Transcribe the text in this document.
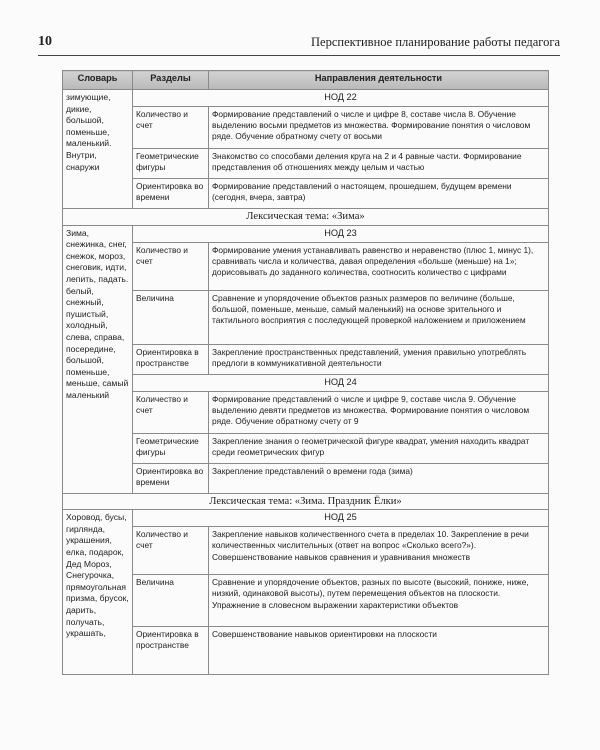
10	Перспективное планирование работы педагога
Словарь	Разделы	Направления деятельности
зимующие, дикие, большой, поменьше, маленький. Внутри, снаружи	НОД 22	
	Количество и счет	Формирование представлений о числе и цифре 8, составе числа 8. Обучение выделению восьми предметов из множества. Формирование понятия о числовом ряде. Обучение обратному счету от восьми
	Геометрические фигуры	Знакомство со способами деления круга на 2 и 4 равные части. Формирование представления об отношениях между целым и частью
	Ориентировка во времени	Формирование представлений о настоящем, прошедшем, будущем времени (сегодня, вчера, завтра)
Лексическая тема: «Зима»		
Зима, снежинка, снег, снежок, мороз, снеговик, идти, лепить, падать. белый, снежный, пушистый, холодный, слева, справа, посередине, большой, поменьше, меньше, самый маленький	НОД 23	
	Количество и счет	Формирование умения устанавливать равенство и неравенство (плюс 1, минус 1), сравнивать числа и количества, давая определения «больше (меньше) на 1»; дорисовывать до заданного количества, соотносить количество с цифрами
	Величина	Сравнение и упорядочение объектов разных размеров по величине (больше, большой, поменьше, меньше, самый маленький) на основе зрительного и тактильного восприятия с последующей проверкой наложением и приложением
	Ориентировка в пространстве	Закрепление пространственных представлений, умения правильно употреблять предлоги в коммуникативной деятельности
	НОД 24	
	Количество и счет	Формирование представлений о числе и цифре 9, составе числа 9. Обучение выделению девяти предметов из множества. Формирование понятия о числовом ряде. Обучение обратному счету от 9
	Геометрические фигуры	Закрепление знания о геометрической фигуре квадрат, умения находить квадрат среди геометрических фигур
	Ориентировка во времени	Закрепление представлений о времени года (зима)
Лексическая тема: «Зима. Праздник Ёлки»		
Хоровод, бусы, гирлянда, украшения, елка, подарок, Дед Мороз, Снегурочка, прямоугольная призма, брусок, дарить, получать, украшать,	НОД 25	
	Количество и счет	Закрепление навыков количественного счета в пределах 10. Закрепление в речи количественных числительных (ответ на вопрос «Сколько всего?»). Совершенствование навыков сравнения и уравнивания множеств
	Величина	Сравнение и упорядочение объектов, разных по высоте (высокий, пониже, ниже, низкий, одинаковой высоты), путем перемещения объектов на плоскости. Упражнение в словесном выражении характеристики объектов
	Ориентировка в пространстве	Совершенствование навыков ориентировки на плоскости
